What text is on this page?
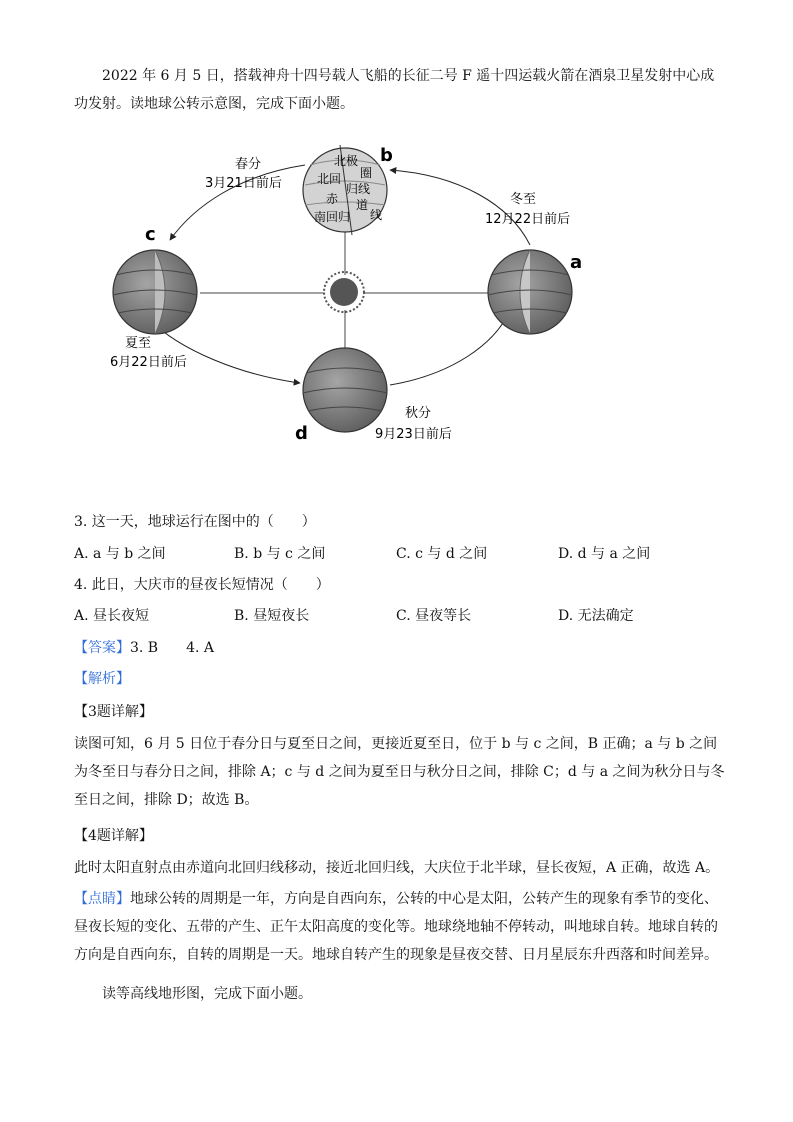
2022 年 6 月 5 日，搭载神舟十四号载人飞船的长征二号 F 遥十四运载火箭在酒泉卫星发射中心成功发射。读地球公转示意图，完成下面小题。
北极
圈
北回
归线
赤 道
线
南回归
b
春分
3月21日前后
c
夏至
6月22日前后
a
冬至
12月22日前后
d
秋分
9月23日前后
3. 这一天，地球运行在图中的（　　）
A. a 与 b 之间	B. b 与 c 之间	C. c 与 d 之间	D. d 与 a 之间
4. 此日，大庆市的昼夜长短情况（　　）
A. 昼长夜短	B. 昼短夜长	C. 昼夜等长	D. 无法确定
【答案】3. B　　4. A
【解析】
【3题详解】
读图可知，6 月 5 日位于春分日与夏至日之间，更接近夏至日，位于 b 与 c 之间，B 正确；a 与 b 之间为冬至日与春分日之间，排除 A；c 与 d 之间为夏至日与秋分日之间，排除 C；d 与 a 之间为秋分日与冬至日之间，排除 D；故选 B。
【4题详解】
此时太阳直射点由赤道向北回归线移动，接近北回归线，大庆位于北半球，昼长夜短，A 正确，故选 A。
【点睛】地球公转的周期是一年，方向是自西向东，公转的中心是太阳，公转产生的现象有季节的变化、昼夜长短的变化、五带的产生、正午太阳高度的变化等。地球绕地轴不停转动，叫地球自转。地球自转的方向是自西向东，自转的周期是一天。地球自转产生的现象是昼夜交替、日月星辰东升西落和时间差异。
读等高线地形图，完成下面小题。
